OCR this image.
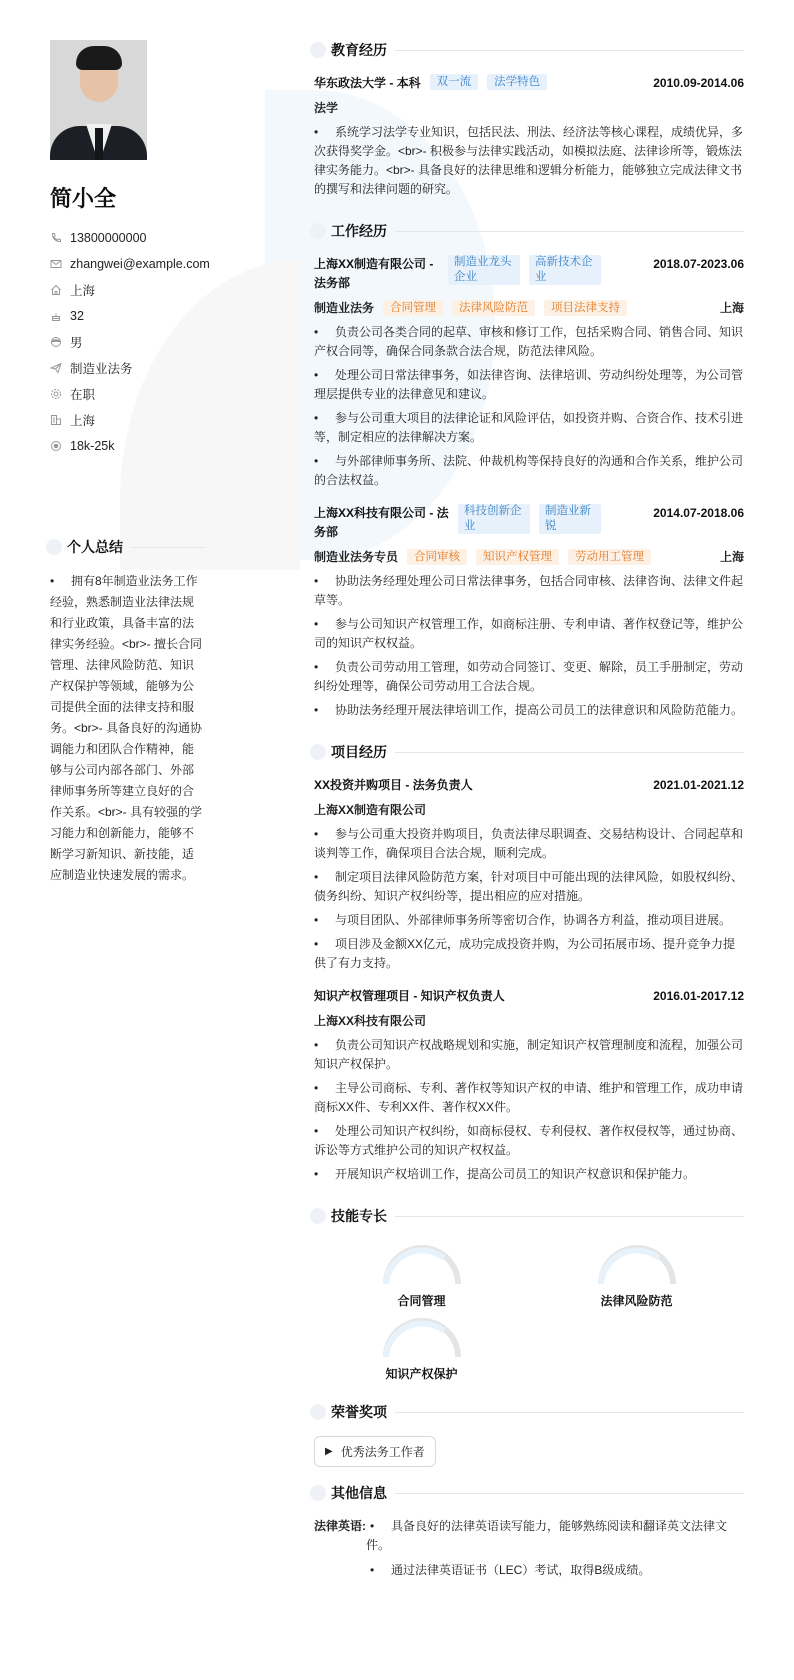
简小全
13800000000
zhangwei@example.com
上海
32
男
制造业法务
在职
上海
18k-25k
个人总结
• 拥有8年制造业法务工作经验，熟悉制造业法律法规和行业政策，具备丰富的法律实务经验。<br>- 擅长合同管理、法律风险防范、知识产权保护等领域，能够为公司提供全面的法律支持和服务。<br>- 具备良好的沟通协调能力和团队合作精神，能够与公司内部各部门、外部律师事务所等建立良好的合作关系。<br>- 具有较强的学习能力和创新能力，能够不断学习新知识、新技能，适应制造业快速发展的需求。
教育经历
华东政法大学 - 本科	双一流	法学特色	2010.09-2014.06
法学
• 系统学习法学专业知识，包括民法、刑法、经济法等核心课程，成绩优异，多次获得奖学金。<br>- 积极参与法律实践活动，如模拟法庭、法律诊所等，锻炼法律实务能力。<br>- 具备良好的法律思维和逻辑分析能力，能够独立完成法律文书的撰写和法律问题的研究。
工作经历
上海XX制造有限公司 - 法务部
制造业龙头企业
高新技术企业
2018.07-2023.06
制造业法务	合同管理	法律风险防范	项目法律支持	上海
• 负责公司各类合同的起草、审核和修订工作，包括采购合同、销售合同、知识产权合同等，确保合同条款合法合规，防范法律风险。
• 处理公司日常法律事务，如法律咨询、法律培训、劳动纠纷处理等，为公司管理层提供专业的法律意见和建议。
• 参与公司重大项目的法律论证和风险评估，如投资并购、合资合作、技术引进等，制定相应的法律解决方案。
• 与外部律师事务所、法院、仲裁机构等保持良好的沟通和合作关系，维护公司的合法权益。
上海XX科技有限公司 - 法务部
科技创新企业
制造业新锐
2014.07-2018.06
制造业法务专员	合同审核	知识产权管理	劳动用工管理	上海
• 协助法务经理处理公司日常法律事务，包括合同审核、法律咨询、法律文件起草等。
• 参与公司知识产权管理工作，如商标注册、专利申请、著作权登记等，维护公司的知识产权权益。
• 负责公司劳动用工管理，如劳动合同签订、变更、解除，员工手册制定，劳动纠纷处理等，确保公司劳动用工合法合规。
• 协助法务经理开展法律培训工作，提高公司员工的法律意识和风险防范能力。
项目经历
XX投资并购项目 - 法务负责人	2021.01-2021.12
上海XX制造有限公司
• 参与公司重大投资并购项目，负责法律尽职调查、交易结构设计、合同起草和谈判等工作，确保项目合法合规，顺利完成。
• 制定项目法律风险防范方案，针对项目中可能出现的法律风险，如股权纠纷、债务纠纷、知识产权纠纷等，提出相应的应对措施。
• 与项目团队、外部律师事务所等密切合作，协调各方利益，推动项目进展。
• 项目涉及金额XX亿元，成功完成投资并购，为公司拓展市场、提升竞争力提供了有力支持。
知识产权管理项目 - 知识产权负责人	2016.01-2017.12
上海XX科技有限公司
• 负责公司知识产权战略规划和实施，制定知识产权管理制度和流程，加强公司知识产权保护。
• 主导公司商标、专利、著作权等知识产权的申请、维护和管理工作，成功申请商标XX件、专利XX件、著作权XX件。
• 处理公司知识产权纠纷，如商标侵权、专利侵权、著作权侵权等，通过协商、诉讼等方式维护公司的知识产权权益。
• 开展知识产权培训工作，提高公司员工的知识产权意识和保护能力。
技能专长
合同管理	法律风险防范
知识产权保护
荣誉奖项
▶ 优秀法务工作者
其他信息
法律英语: •	具备良好的法律英语读写能力，能够熟练阅读和翻译英文法律文件。
• 通过法律英语证书（LEC）考试，取得B级成绩。
